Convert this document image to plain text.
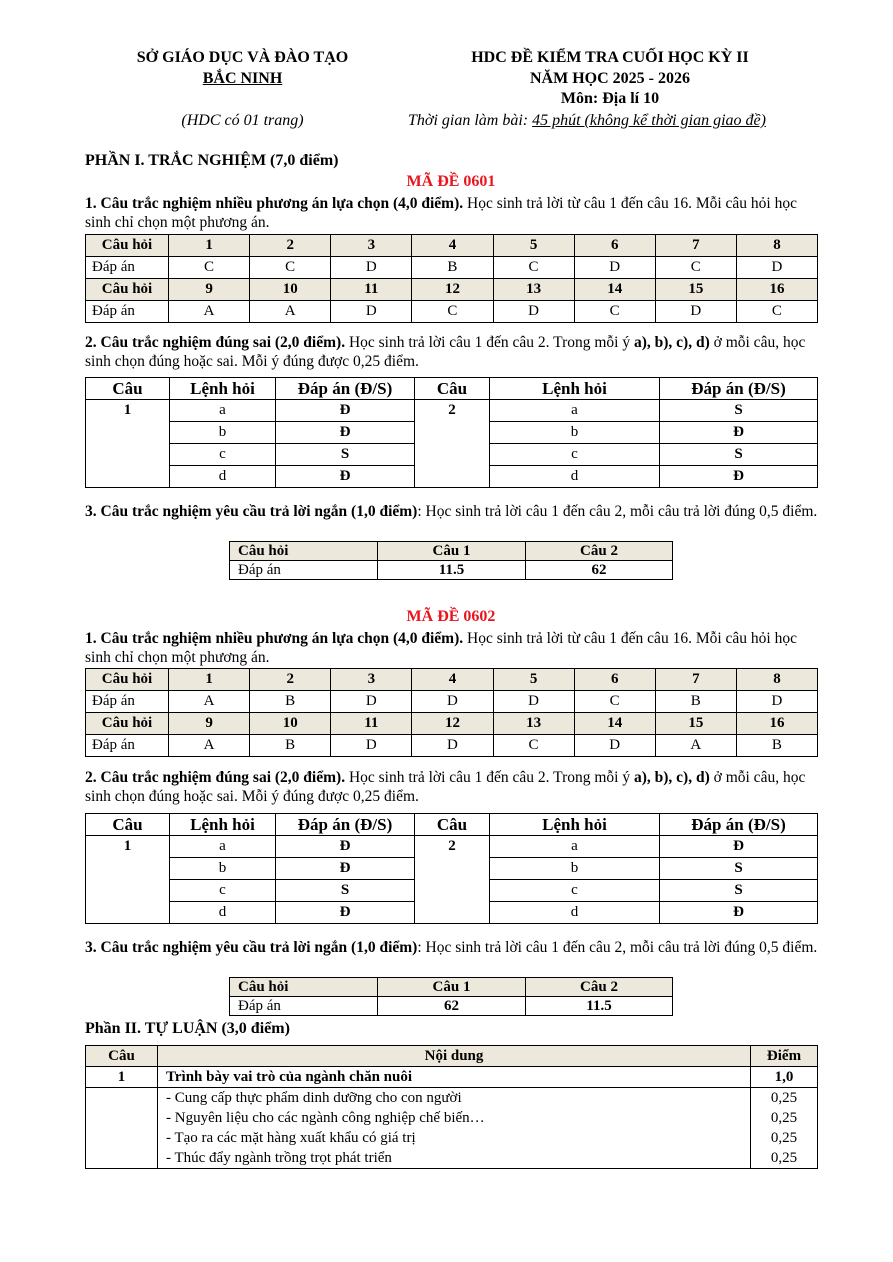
SỞ GIÁO DỤC VÀ ĐÀO TẠO
BẮC NINH
(HDC có 01 trang)
HDC ĐỀ KIỂM TRA CUỐI HỌC KỲ II
NĂM HỌC 2025 - 2026
Môn: Địa lí 10
Thời gian làm bài: 45 phút (không kể thời gian giao đề)
PHẦN I. TRẮC NGHIỆM (7,0 điểm)
MÃ ĐỀ 0601
1. Câu trắc nghiệm nhiều phương án lựa chọn (4,0 điểm). Học sinh trả lời từ câu 1 đến câu 16. Mỗi câu hỏi học sinh chỉ chọn một phương án.
Câu hỏi	1	2	3	4	5	6	7	8
Đáp án	C	C	D	B	C	D	C	D
Câu hỏi	9	10	11	12	13	14	15	16
Đáp án	A	A	D	C	D	C	D	C
2. Câu trắc nghiệm đúng sai (2,0 điểm). Học sinh trả lời câu 1 đến câu 2. Trong mỗi ý a), b), c), d) ở mỗi câu, học sinh chọn đúng hoặc sai. Mỗi ý đúng được 0,25 điểm.
Câu	Lệnh hỏi	Đáp án (Đ/S)	Câu	Lệnh hỏi	Đáp án (Đ/S)
1	a	Đ	2	a	S
	b	Đ		b	Đ
	c	S		c	S
	d	Đ		d	Đ
3. Câu trắc nghiệm yêu cầu trả lời ngắn (1,0 điểm): Học sinh trả lời câu 1 đến câu 2, mỗi câu trả lời đúng 0,5 điểm.
Câu hỏi	Câu 1	Câu 2
Đáp án	11.5	62
MÃ ĐỀ 0602
1. Câu trắc nghiệm nhiều phương án lựa chọn (4,0 điểm). Học sinh trả lời từ câu 1 đến câu 16. Mỗi câu hỏi học sinh chỉ chọn một phương án.
Câu hỏi	1	2	3	4	5	6	7	8
Đáp án	A	B	D	D	D	C	B	D
Câu hỏi	9	10	11	12	13	14	15	16
Đáp án	A	B	D	D	C	D	A	B
2. Câu trắc nghiệm đúng sai (2,0 điểm). Học sinh trả lời câu 1 đến câu 2. Trong mỗi ý a), b), c), d) ở mỗi câu, học sinh chọn đúng hoặc sai. Mỗi ý đúng được 0,25 điểm.
Câu	Lệnh hỏi	Đáp án (Đ/S)	Câu	Lệnh hỏi	Đáp án (Đ/S)
1	a	Đ	2	a	Đ
	b	Đ		b	S
	c	S		c	S
	d	Đ		d	Đ
3. Câu trắc nghiệm yêu cầu trả lời ngắn (1,0 điểm): Học sinh trả lời câu 1 đến câu 2, mỗi câu trả lời đúng 0,5 điểm.
Câu hỏi	Câu 1	Câu 2
Đáp án	62	11.5
Phần II. TỰ LUẬN (3,0 điểm)
Câu	Nội dung	Điểm
1	Trình bày vai trò của ngành chăn nuôi	1,0
	- Cung cấp thực phẩm dinh dưỡng cho con người	0,25
	- Nguyên liệu cho các ngành công nghiệp chế biến…	0,25
	- Tạo ra các mặt hàng xuất khẩu có giá trị	0,25
	- Thúc đẩy ngành trồng trọt phát triển	0,25
